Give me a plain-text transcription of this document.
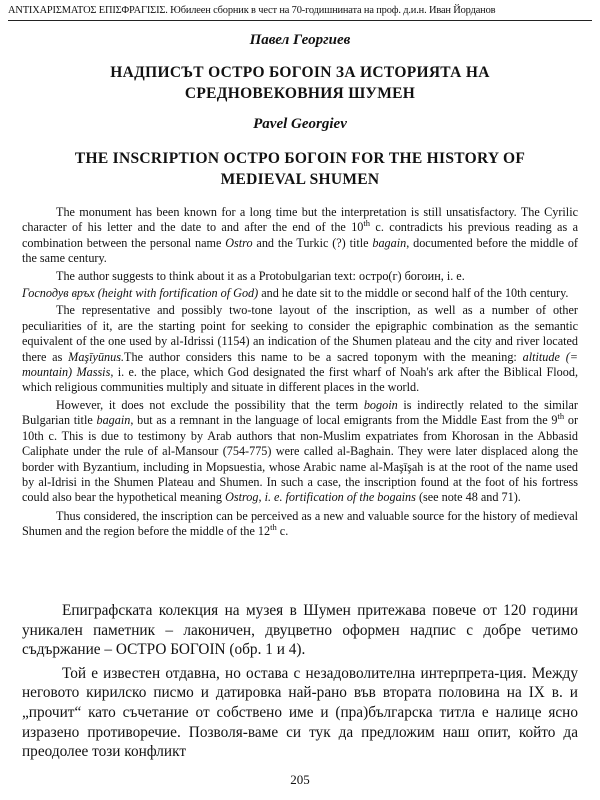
ΑΝΤΙΧΑΡΙΣΜΑΤΟΣ ΕΠΙΣΦΡΑΓΙΣΙΣ. Юбилеен сборник в чест на 70-годишнината на проф. д.и.н. Иван Йорданов
Павел Георгиев
НАДПИСЪТ ОСТРО БОГОIN ЗА ИСТОРИЯТА НА
СРЕДНОВЕКОВНИЯ ШУМЕН
Pavel Georgiev
THE INSCRIPTION ОСТРО БОГОIN FOR THE HISTORY OF
MEDIEVAL SHUMEN

The monument has been known for a long time but the interpretation is still unsatisfactory. The Cyrilic character of his letter and the date to and after the end of the 10th c. contradicts his previous reading as a combination between the personal name Ostro and the Turkic (?) title bagain, documented before the middle of the same century.

The author suggests to think about it as a Protobulgarian text: остро(г) богоин, i. e.

Господув връх (height with fortification of God) and he date sit to the middle or second half of the 10th century.

The representative and possibly two-tone layout of the inscription, as well as a number of other peculiarities of it, are the starting point for seeking to consider the epigraphic combination as the semantic equivalent of the one used by al-Idrissi (1154) an indication of the Shumen plateau and the city and river located there as Maşīyūnus.The author considers this name to be a sacred toponym with the meaning: altitude (= mountain) Massis, i. e. the place, which God designated the first wharf of Noah's ark after the Biblical Flood, which religious communities multiply and situate in different places in the world.

However, it does not exclude the possibility that the term bogoin is indirectly related to the similar Bulgarian title bagain, but as a remnant in the language of local emigrants from the Middle East from the 9th or 10th c. This is due to testimony by Arab authors that non-Muslim expatriates from Khorosan in the Abbasid Caliphate under the rule of al-Mansour (754-775) were called al-Baghain. They were later displaced along the border with Byzantium, including in Mopsuestia, whose Arabic name al-Maşīşah is at the root of the name used by al-Idrisi in the Shumen Plateau and Shumen. In such a case, the inscription found at the foot of his fortress could also bear the hypothetical meaning Ostrog, i. e. fortification of the bogains (see note 48 and 71).

Thus considered, the inscription can be perceived as a new and valuable source for the history of medieval Shumen and the region before the middle of the 12th c.

Епиграфската колекция на музея в Шумен притежава повече от 120 години уникален паметник – лаконичен, двуцветно оформен надпис с добре четимо съдържание – ОСТРО БОГОIN (обр. 1 и 4).

Той е известен отдавна, но остава с незадоволителна интерпрета-ция. Между неговото кирилско писмо и датировка най-рано във втората половина на IX в. и „прочит“ като съчетание от собствено име и (пра)българска титла е налице ясно изразено противоречие. Позволя-ваме си тук да предложим наш опит, който да преодолее този конфликт

205
